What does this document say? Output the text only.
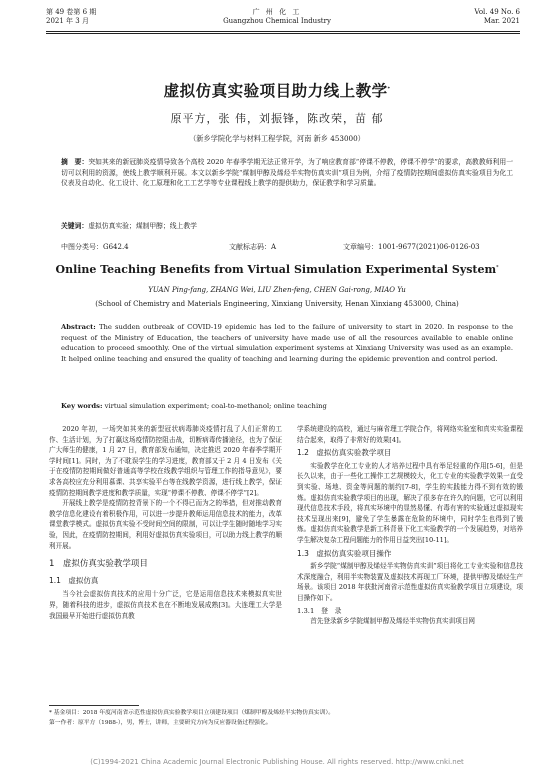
第 49 卷第 6 期
2021 年 3 月
广 州 化 工
Guangzhou Chemical Industry
Vol. 49 No. 6
Mar. 2021
虚拟仿真实验项目助力线上教学*
原平方，张 伟，刘振锋，陈改荣，苗 郁
（新乡学院化学与材料工程学院，河南 新乡 453000）
摘　要：突如其来的新冠肺炎疫情导致各个高校 2020 年春季学期无法正常开学，为了响应教育部“停课不停教，停课不停学”的要求，高教教师利用一切可以利用的资源，使线上教学顺利开展。本文以新乡学院“煤制甲醇及烯烃半实物仿真实训”项目为例，介绍了疫情防控期间虚拟仿真实验项目为化工仪表及自动化、化工设计、化工原理和化工工艺学等专业课程线上教学的提供助力，保证教学和学习质量。
关键词：虚拟仿真实验；煤制甲醇；线上教学
中图分类号：G642.4	文献标志码：A	文章编号：1001-9677(2021)06-0126-03
Online Teaching Benefits from Virtual Simulation Experimental System*
YUAN Ping-fang, ZHANG Wei, LIU Zhen-feng, CHEN Gai-rong, MIAO Yu
(School of Chemistry and Materials Engineering, Xinxiang University, Henan Xinxiang 453000, China)
Abstract: The sudden outbreak of COVID-19 epidemic has led to the failure of university to start in 2020. In response to the request of the Ministry of Education, the teachers of university have made use of all the resources available to enable online education to proceed smoothly. One of the virtual simulation experiment systems at Xinxiang University was used as an example. It helped online teaching and ensured the quality of teaching and learning during the epidemic prevention and control period.
Key words: virtual simulation experiment; coal-to-methanol; online teaching
2020 年初，一场突如其来的新型冠状病毒肺炎疫情打乱了人们正常的工作、生活计划，为了打赢这场疫情防控阻击战，切断病毒传播途径，也为了保证广大师生的健康，1 月 27 日，教育部发布通知，决定推迟 2020 年春季学期开学时间[1]。同时，为了不耽误学生的学习进度，教育部又于 2 月 4 日发布《关于在疫情防控期间做好普通高等学校在线教学组织与管理工作的指导意见》，要求各高校应充分利用慕课、共享实验平台等在线教学资源，进行线上教学，保证疫情防控期间教学进度和教学质量，实现“停课不停教、停课不停学”[2]。
开展线上教学是疫情防控背景下的一个不得已而为之的举措，但对推动教育教学信息化建设有着积极作用，可以进一步提升教师运用信息技术的能力，改革课堂教学模式。虚拟仿真实验不受时间空间的限制，可以让学生随时随地学习实验，因此，在疫情防控期间，利用好虚拟仿真实验项目，可以助力线上教学的顺利开展。
1　虚拟仿真实验教学项目
1.1　虚拟仿真
当今社会虚拟仿真技术的应用十分广泛，它是运用信息技术来模拟真实世界，随着科技的进步，虚拟仿真技术也在不断地发展成熟[3]。大连理工大学是我国最早开始进行虚拟仿真教
学系统建设的高校，通过与麻省理工学院合作，将网络实验室和真实实验课程结合起来，取得了非常好的效果[4]。
1.2　虚拟仿真实验教学项目
实验教学在化工专业的人才培养过程中具有举足轻重的作用[5-6]，但是长久以来，由于一些化工操作工艺规模较大，化工专业的实验教学效果一直受到实验、场地、资金等问题的制约[7-8]，学生的实践能力得不到有效的锻炼。虚拟仿真实验教学项目的出现，解决了很多存在许久的问题，它可以利用现代信息技术手段，将真实环境中的显然易懂、有毒有害的实验通过虚拟现实技术呈现出来[9]，避免了学生暴露在危险的环境中，同时学生也得到了锻炼。虚拟仿真实验教学是新工科背景下化工实验教学的一个发展趋势，对培养学生解决复杂工程问题能力的作用日益突出[10-11]。
1.3　虚拟仿真实验项目操作
新乡学院“煤制甲醇及烯烃半实物仿真实训”项目将化工专业实验和信息技术深度融合，利用半实物装置及虚拟技术再现工厂环境，提供甲醇及烯烃生产场景。该项目 2018 年获批河南省示范性虚拟仿真实验教学项目立项建设，项目操作如下。
1.3.1　登　录
首先登录新乡学院煤制甲醇及烯烃半实物仿真实训项目网
* 基金项目：2018 年度河南省示范性虚拟仿真实验教学项目立项建设项目（煤制甲醇及烯烃半实物仿真实训）。
第一作者：原平方（1988-），男，博士，讲师，主要研究方向为反应器设备过程强化。
(C)1994-2021 China Academic Journal Electronic Publishing House. All rights reserved. http://www.cnki.net
